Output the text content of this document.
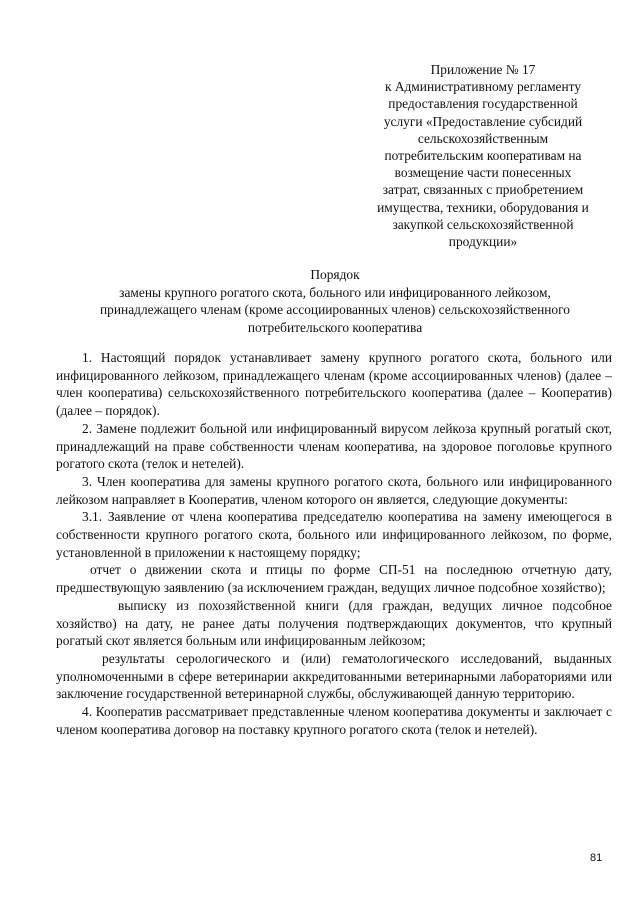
Приложение № 17
к Административному регламенту
предоставления государственной
услуги «Предоставление субсидий
сельскохозяйственным
потребительским кооперативам на
возмещение части понесенных
затрат, связанных с приобретением
имущества, техники, оборудования и
закупкой сельскохозяйственной
продукции»
Порядок
замены крупного рогатого скота, больного или инфицированного лейкозом,
принадлежащего членам (кроме ассоциированных членов) сельскохозяйственного
потребительского кооператива

1. Настоящий порядок устанавливает замену крупного рогатого скота, больного или инфицированного лейкозом, принадлежащего членам (кроме ассоциированных членов) (далее – член кооператива) сельскохозяйственного потребительского кооператива (далее – Кооператив) (далее – порядок).

2. Замене подлежит больной или инфицированный вирусом лейкоза крупный рогатый скот, принадлежащий на праве собственности членам кооператива, на здоровое поголовье крупного рогатого скота (телок и нетелей).

3. Член кооператива для замены крупного рогатого скота, больного или инфицированного лейкозом направляет в Кооператив, членом которого он является, следующие документы:

3.1. Заявление от члена кооператива председателю кооператива на замену имеющегося в собственности крупного рогатого скота, больного или инфицированного лейкозом, по форме, установленной в приложении к настоящему порядку;

отчет о движении скота и птицы по форме СП-51 на последнюю отчетную дату, предшествующую заявлению (за исключением граждан, ведущих личное подсобное хозяйство);

выписку из похозяйственной книги (для граждан, ведущих личное подсобное хозяйство) на дату, не ранее даты получения подтверждающих документов, что крупный рогатый скот является больным или инфицированным лейкозом;

результаты серологического и (или) гематологического исследований, выданных уполномоченными в сфере ветеринарии аккредитованными ветеринарными лабораториями или заключение государственной ветеринарной службы, обслуживающей данную территорию.

4. Кооператив рассматривает представленные членом кооператива документы и заключает с членом кооператива договор на поставку крупного рогатого скота (телок и нетелей).

81
